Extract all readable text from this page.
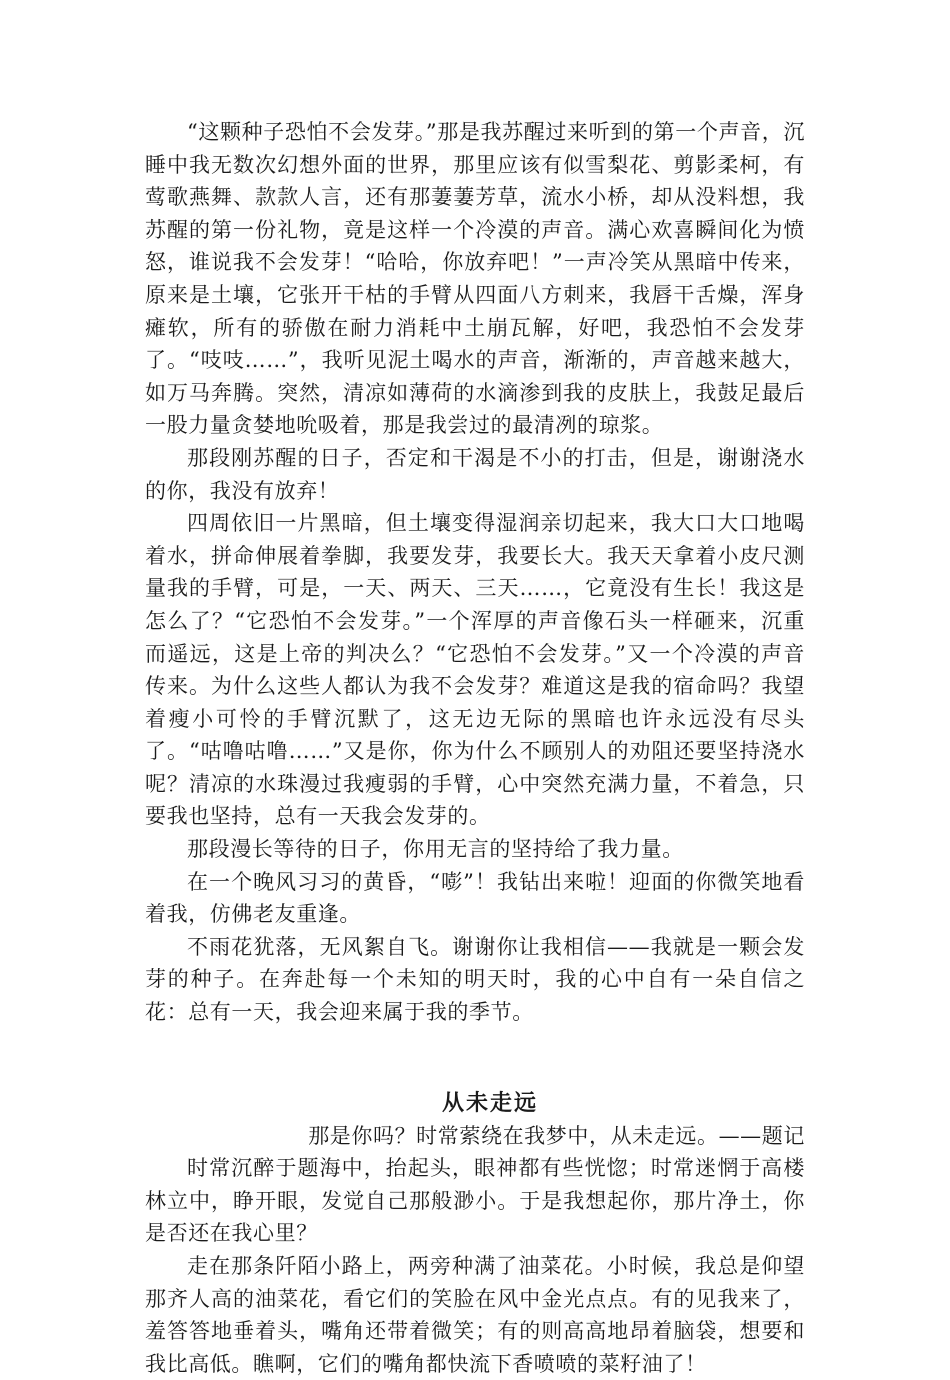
“这颗种子恐怕不会发芽。”那是我苏醒过来听到的第一个声音，沉睡中我无数次幻想外面的世界，那里应该有似雪梨花、剪影柔柯，有莺歌燕舞、款款人言，还有那萋萋芳草，流水小桥，却从没料想，我苏醒的第一份礼物，竟是这样一个冷漠的声音。满心欢喜瞬间化为愤怒，谁说我不会发芽！“哈哈，你放弃吧！”一声冷笑从黑暗中传来，原来是土壤，它张开干枯的手臂从四面八方刺来，我唇干舌燥，浑身瘫软，所有的骄傲在耐力消耗中土崩瓦解，好吧，我恐怕不会发芽了。“吱吱……”，我听见泥土喝水的声音，渐渐的，声音越来越大，如万马奔腾。突然，清凉如薄荷的水滴渗到我的皮肤上，我鼓足最后一股力量贪婪地吮吸着，那是我尝过的最清冽的琼浆。

那段刚苏醒的日子，否定和干渴是不小的打击，但是，谢谢浇水的你，我没有放弃！

四周依旧一片黑暗，但土壤变得湿润亲切起来，我大口大口地喝着水，拼命伸展着拳脚，我要发芽，我要长大。我天天拿着小皮尺测量我的手臂，可是，一天、两天、三天……，它竟没有生长！我这是怎么了？“它恐怕不会发芽。”一个浑厚的声音像石头一样砸来，沉重而遥远，这是上帝的判决么？“它恐怕不会发芽。”又一个冷漠的声音传来。为什么这些人都认为我不会发芽？难道这是我的宿命吗？我望着瘦小可怜的手臂沉默了，这无边无际的黑暗也许永远没有尽头了。“咕噜咕噜……”又是你，你为什么不顾别人的劝阻还要坚持浇水呢？清凉的水珠漫过我瘦弱的手臂，心中突然充满力量，不着急，只要我也坚持，总有一天我会发芽的。

那段漫长等待的日子，你用无言的坚持给了我力量。

在一个晚风习习的黄昏，“嘭”！我钻出来啦！迎面的你微笑地看着我，仿佛老友重逢。

不雨花犹落，无风絮自飞。谢谢你让我相信——我就是一颗会发芽的种子。在奔赴每一个未知的明天时，我的心中自有一朵自信之花：总有一天，我会迎来属于我的季节。

从未走远

那是你吗？时常萦绕在我梦中，从未走远。——题记

时常沉醉于题海中，抬起头，眼神都有些恍惚；时常迷惘于高楼林立中，睁开眼，发觉自己那般渺小。于是我想起你，那片净土，你是否还在我心里？

走在那条阡陌小路上，两旁种满了油菜花。小时候，我总是仰望那齐人高的油菜花，看它们的笑脸在风中金光点点。有的见我来了，羞答答地垂着头，嘴角还带着微笑；有的则高高地昂着脑袋，想要和我比高低。瞧啊，它们的嘴角都快流下香喷喷的菜籽油了！
